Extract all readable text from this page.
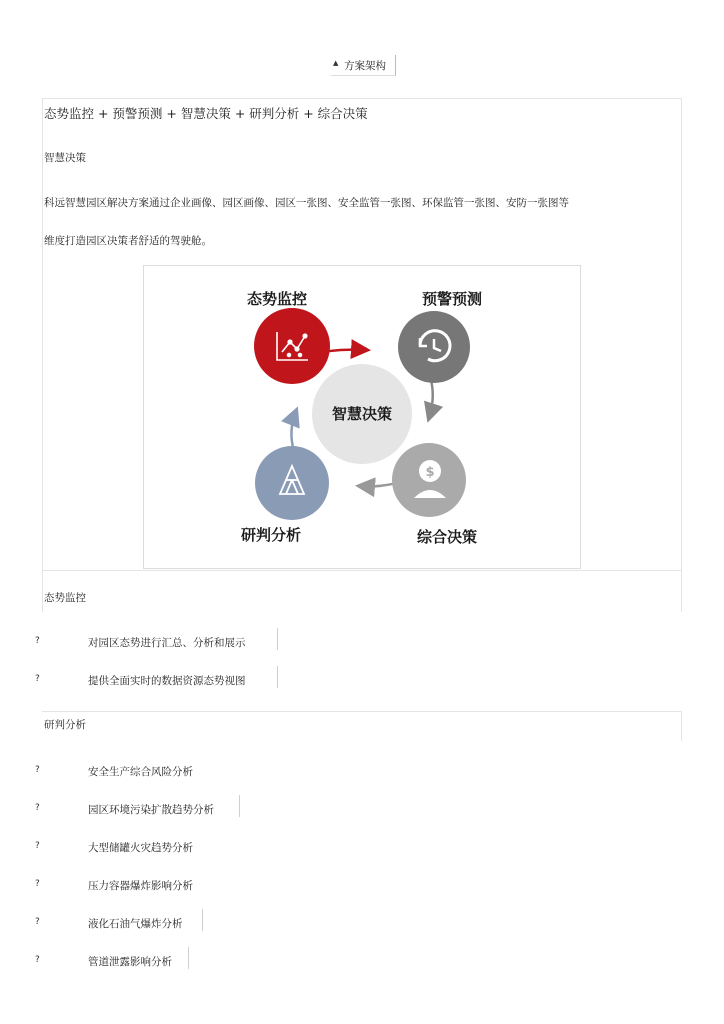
▲ 方案架构
态势监控 + 预警预测 + 智慧决策 + 研判分析 + 综合决策
智慧决策
科远智慧园区解决方案通过企业画像、园区画像、园区一张图、安全监管一张图、环保监管一张图、安防一张图等
维度打造园区决策者舒适的驾驶舱。
智慧决策
态势监控	预警预测
$
综合决策
研判分析
态势监控
?	对园区态势进行汇总、分析和展示
?	提供全面实时的数据资源态势视图
研判分析
?	安全生产综合风险分析
?	园区环境污染扩散趋势分析
?	大型储罐火灾趋势分析
?	压力容器爆炸影响分析
?	液化石油气爆炸分析
?	管道泄露影响分析
